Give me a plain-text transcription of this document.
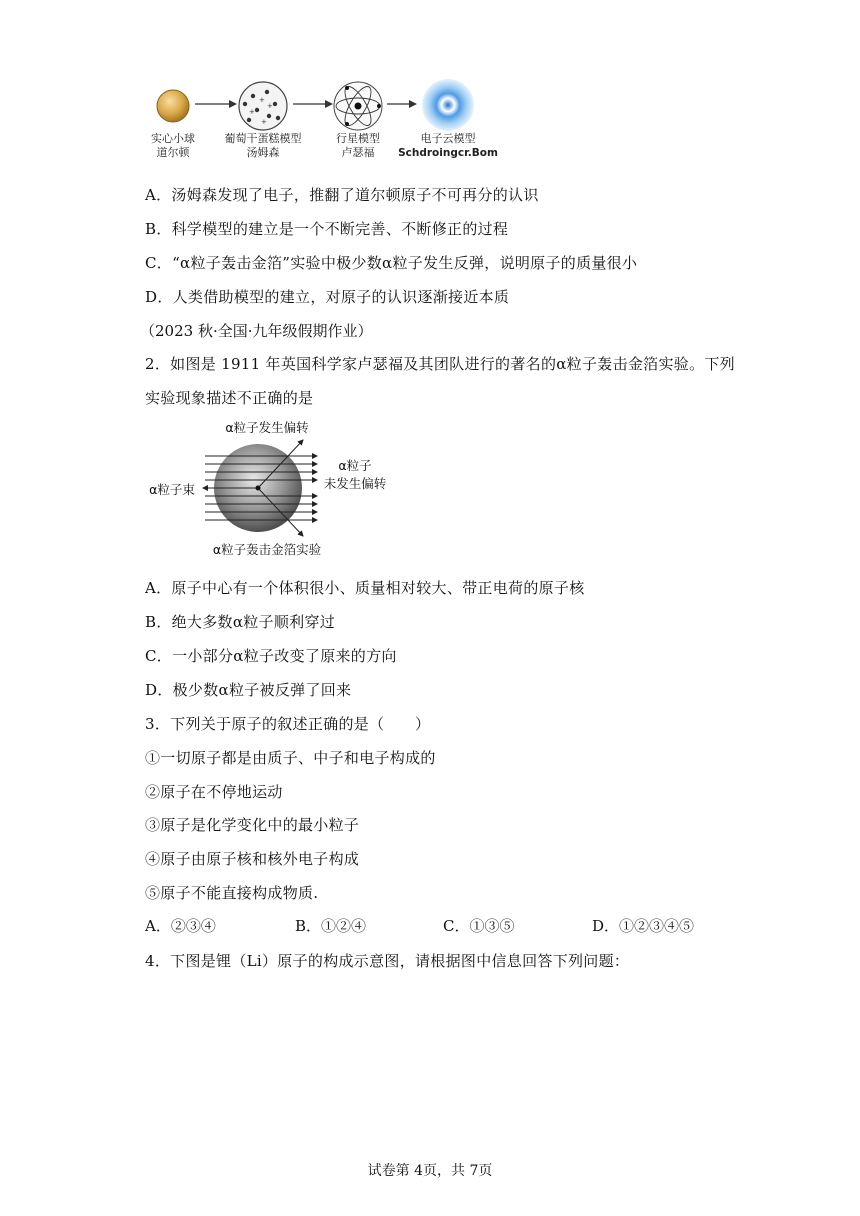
+
+
+
+
实心小球
道尔顿
葡萄干蛋糕模型
汤姆森
行星模型
卢瑟福
电子云模型
Schdroingcr.Bom
A．汤姆森发现了电子，推翻了道尔顿原子不可再分的认识
B．科学模型的建立是一个不断完善、不断修正的过程
C．“α粒子轰击金箔”实验中极少数α粒子发生反弹，说明原子的质量很小
D．人类借助模型的建立，对原子的认识逐渐接近本质
（2023 秋·全国·九年级假期作业）
2．如图是 1911 年英国科学家卢瑟福及其团队进行的著名的α粒子轰击金箔实验。下列
实验现象描述不正确的是
α粒子发生偏转
α粒子
未发生偏转
α粒子束
α粒子轰击金箔实验
A．原子中心有一个体积很小、质量相对较大、带正电荷的原子核
B．绝大多数α粒子顺利穿过
C．一小部分α粒子改变了原来的方向
D．极少数α粒子被反弹了回来
3．下列关于原子的叙述正确的是（　　）
①一切原子都是由质子、中子和电子构成的
②原子在不停地运动
③原子是化学变化中的最小粒子
④原子由原子核和核外电子构成
⑤原子不能直接构成物质.
A．②③④	B．①②④	C．①③⑤	D．①②③④⑤
4．下图是锂（Li）原子的构成示意图，请根据图中信息回答下列问题：
试卷第 4页，共 7页
